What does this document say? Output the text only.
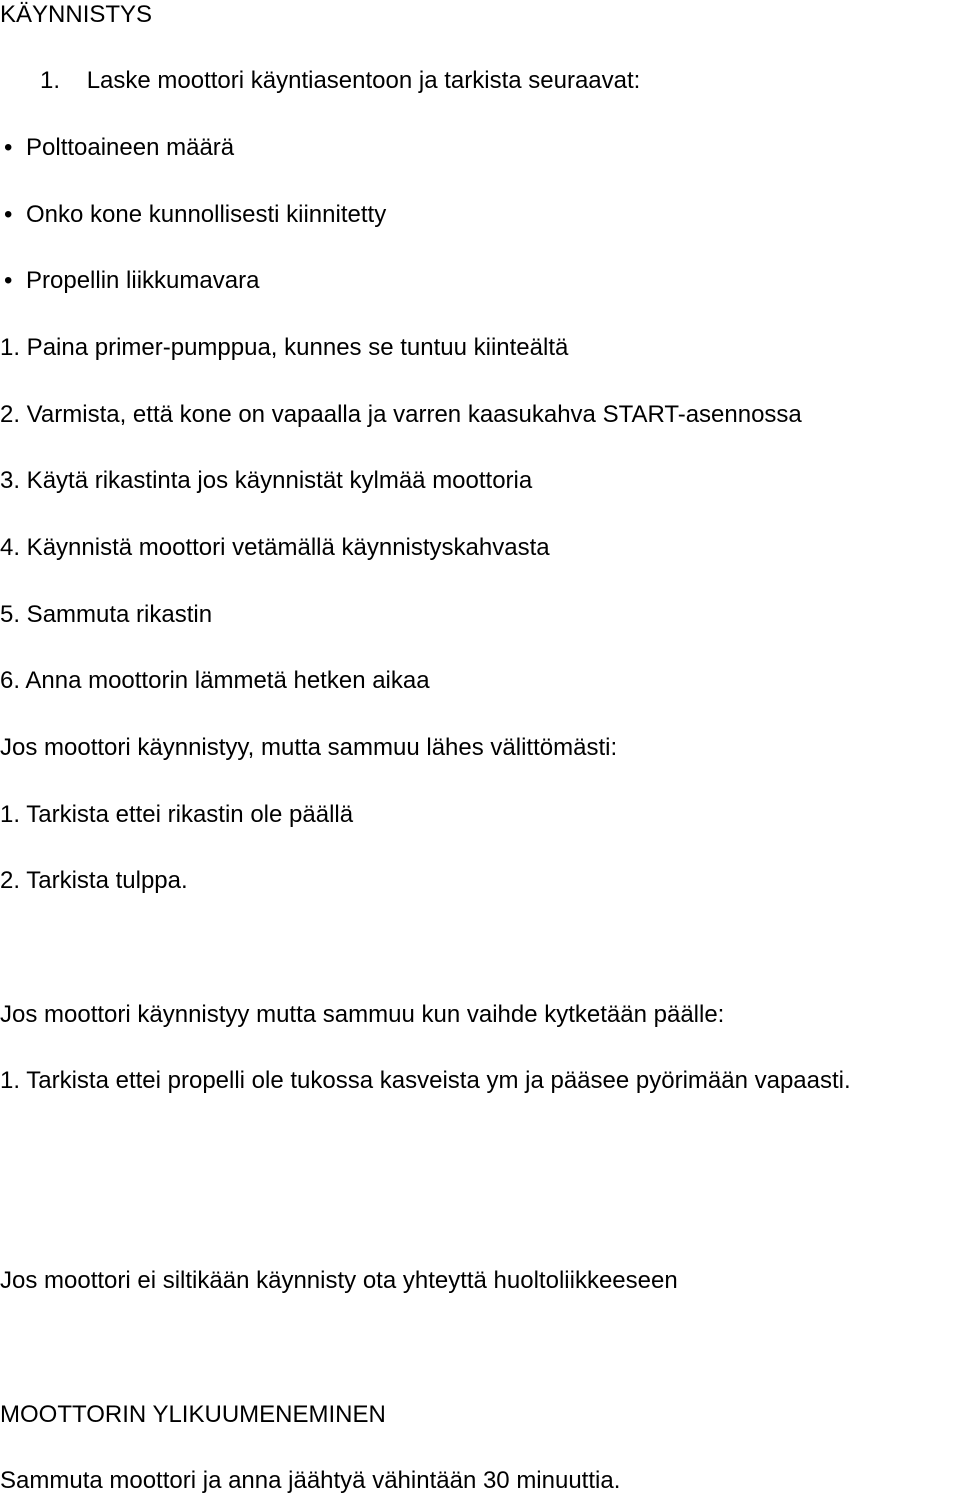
KÄYNNISTYS
1. Laske moottori käyntiasentoon ja tarkista seuraavat:
• Polttoaineen määrä
• Onko kone kunnollisesti kiinnitetty
• Propellin liikkumavara
1. Paina primer-pumppua, kunnes se tuntuu kiinteältä
2. Varmista, että kone on vapaalla ja varren kaasukahva START-asennossa
3. Käytä rikastinta jos käynnistät kylmää moottoria
4. Käynnistä moottori vetämällä käynnistyskahvasta
5. Sammuta rikastin
6. Anna moottorin lämmetä hetken aikaa
Jos moottori käynnistyy, mutta sammuu lähes välittömästi:
1. Tarkista ettei rikastin ole päällä
2. Tarkista tulppa.
Jos moottori käynnistyy mutta sammuu kun vaihde kytketään päälle:
1. Tarkista ettei propelli ole tukossa kasveista ym ja pääsee pyörimään vapaasti.
Jos moottori ei siltikään käynnisty ota yhteyttä huoltoliikkeeseen
MOOTTORIN YLIKUUMENEMINEN
Sammuta moottori ja anna jäähtyä vähintään 30 minuuttia.
